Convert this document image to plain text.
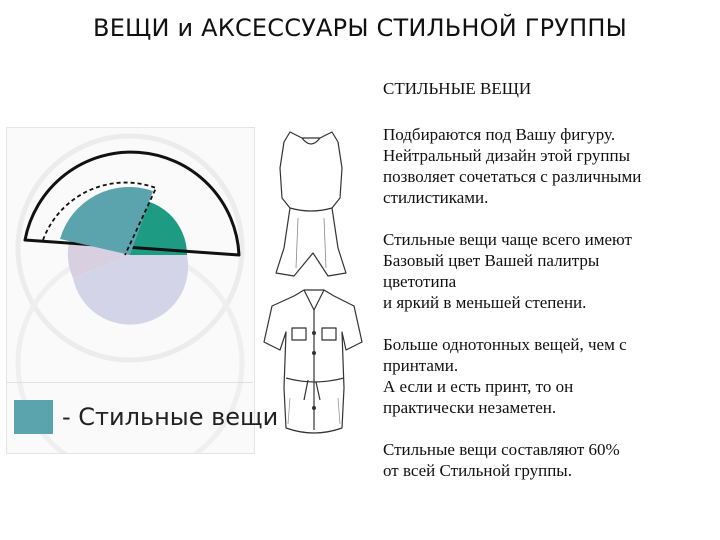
ВЕЩИ и АКСЕССУАРЫ СТИЛЬНОЙ ГРУППЫ
- Стильные вещи
СТИЛЬНЫЕ ВЕЩИ
Подбираются под Вашу фигуру.
Нейтральный дизайн этой группы
позволяет сочетаться с различными
стилистиками.
Стильные вещи чаще всего имеют
Базовый цвет Вашей палитры
цветотипа
и яркий в меньшей степени.
Больше однотонных вещей, чем с
принтами.
А если и есть принт, то он
практически незаметен.
Стильные вещи составляют 60%
от всей Стильной группы.
